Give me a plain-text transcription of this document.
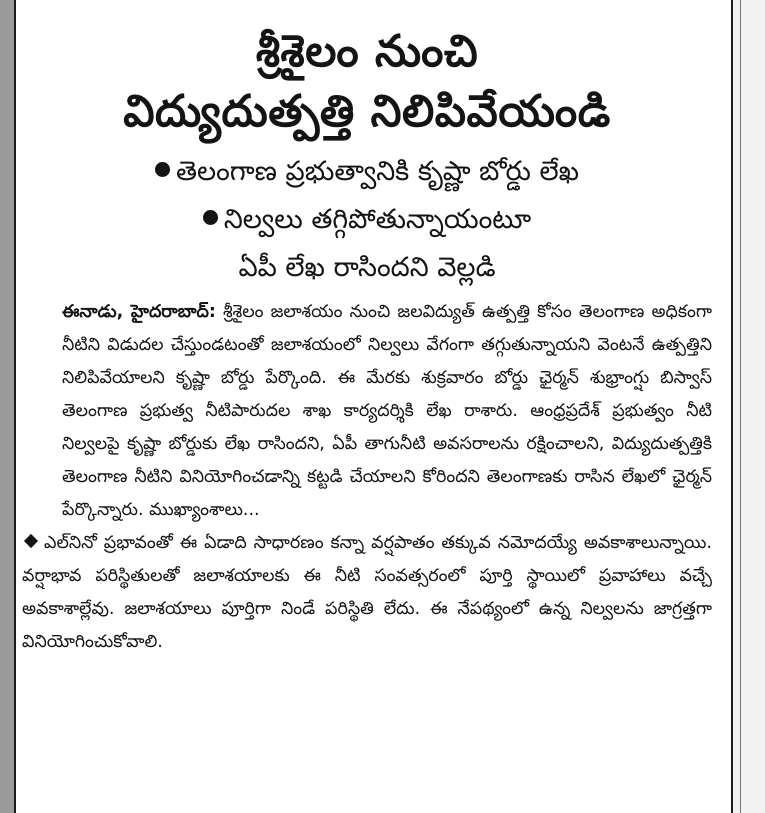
శ్రీశైలం నుంచి
విద్యుదుత్పత్తి నిలిపివేయండి
తెలంగాణ ప్రభుత్వానికి కృష్ణా బోర్డు లేఖ
నిల్వలు తగ్గిపోతున్నాయంటూ
ఏపీ లేఖ రాసిందని వెల్లడి

ఈనాడు, హైదరాబాద్: శ్రీశైలం జలాశయం నుంచి జలవిద్యుత్ ఉత్పత్తి కోసం తెలంగాణ అధికంగా నీటిని విడుదల చేస్తుండటంతో జలాశయంలో నిల్వలు వేగంగా తగ్గుతున్నాయని వెంటనే ఉత్పత్తిని నిలిపివేయాలని కృష్ణా బోర్డు పేర్కొంది. ఈ మేరకు శుక్రవారం బోర్డు ఛైర్మన్ శుభ్రాంగ్షు బిస్వాస్ తెలంగాణ ప్రభుత్వ నీటిపారుదల శాఖ కార్యదర్శికి లేఖ రాశారు. ఆంధ్రప్రదేశ్ ప్రభుత్వం నీటి నిల్వలపై కృష్ణా బోర్డుకు లేఖ రాసిందని, ఏపీ తాగునీటి అవసరాలను రక్షించాలని, విద్యుదుత్పత్తికి తెలంగాణ నీటిని వినియోగించడాన్ని కట్టడి చేయాలని కోరిందని తెలంగాణకు రాసిన లేఖలో ఛైర్మన్ పేర్కొన్నారు. ముఖ్యాంశాలు...

ఎల్‌నినో ప్రభావంతో ఈ ఏడాది సాధారణం కన్నా వర్షపాతం తక్కువ నమోదయ్యే అవకాశాలున్నాయి. వర్షాభావ పరిస్థితులతో జలాశయాలకు ఈ నీటి సంవత్సరంలో పూర్తి స్థాయిలో ప్రవాహాలు వచ్చే అవకాశాల్లేవు. జలాశయాలు పూర్తిగా నిండే పరిస్థితి లేదు. ఈ నేపథ్యంలో ఉన్న నిల్వలను జాగ్రత్తగా వినియోగించుకోవాలి.
